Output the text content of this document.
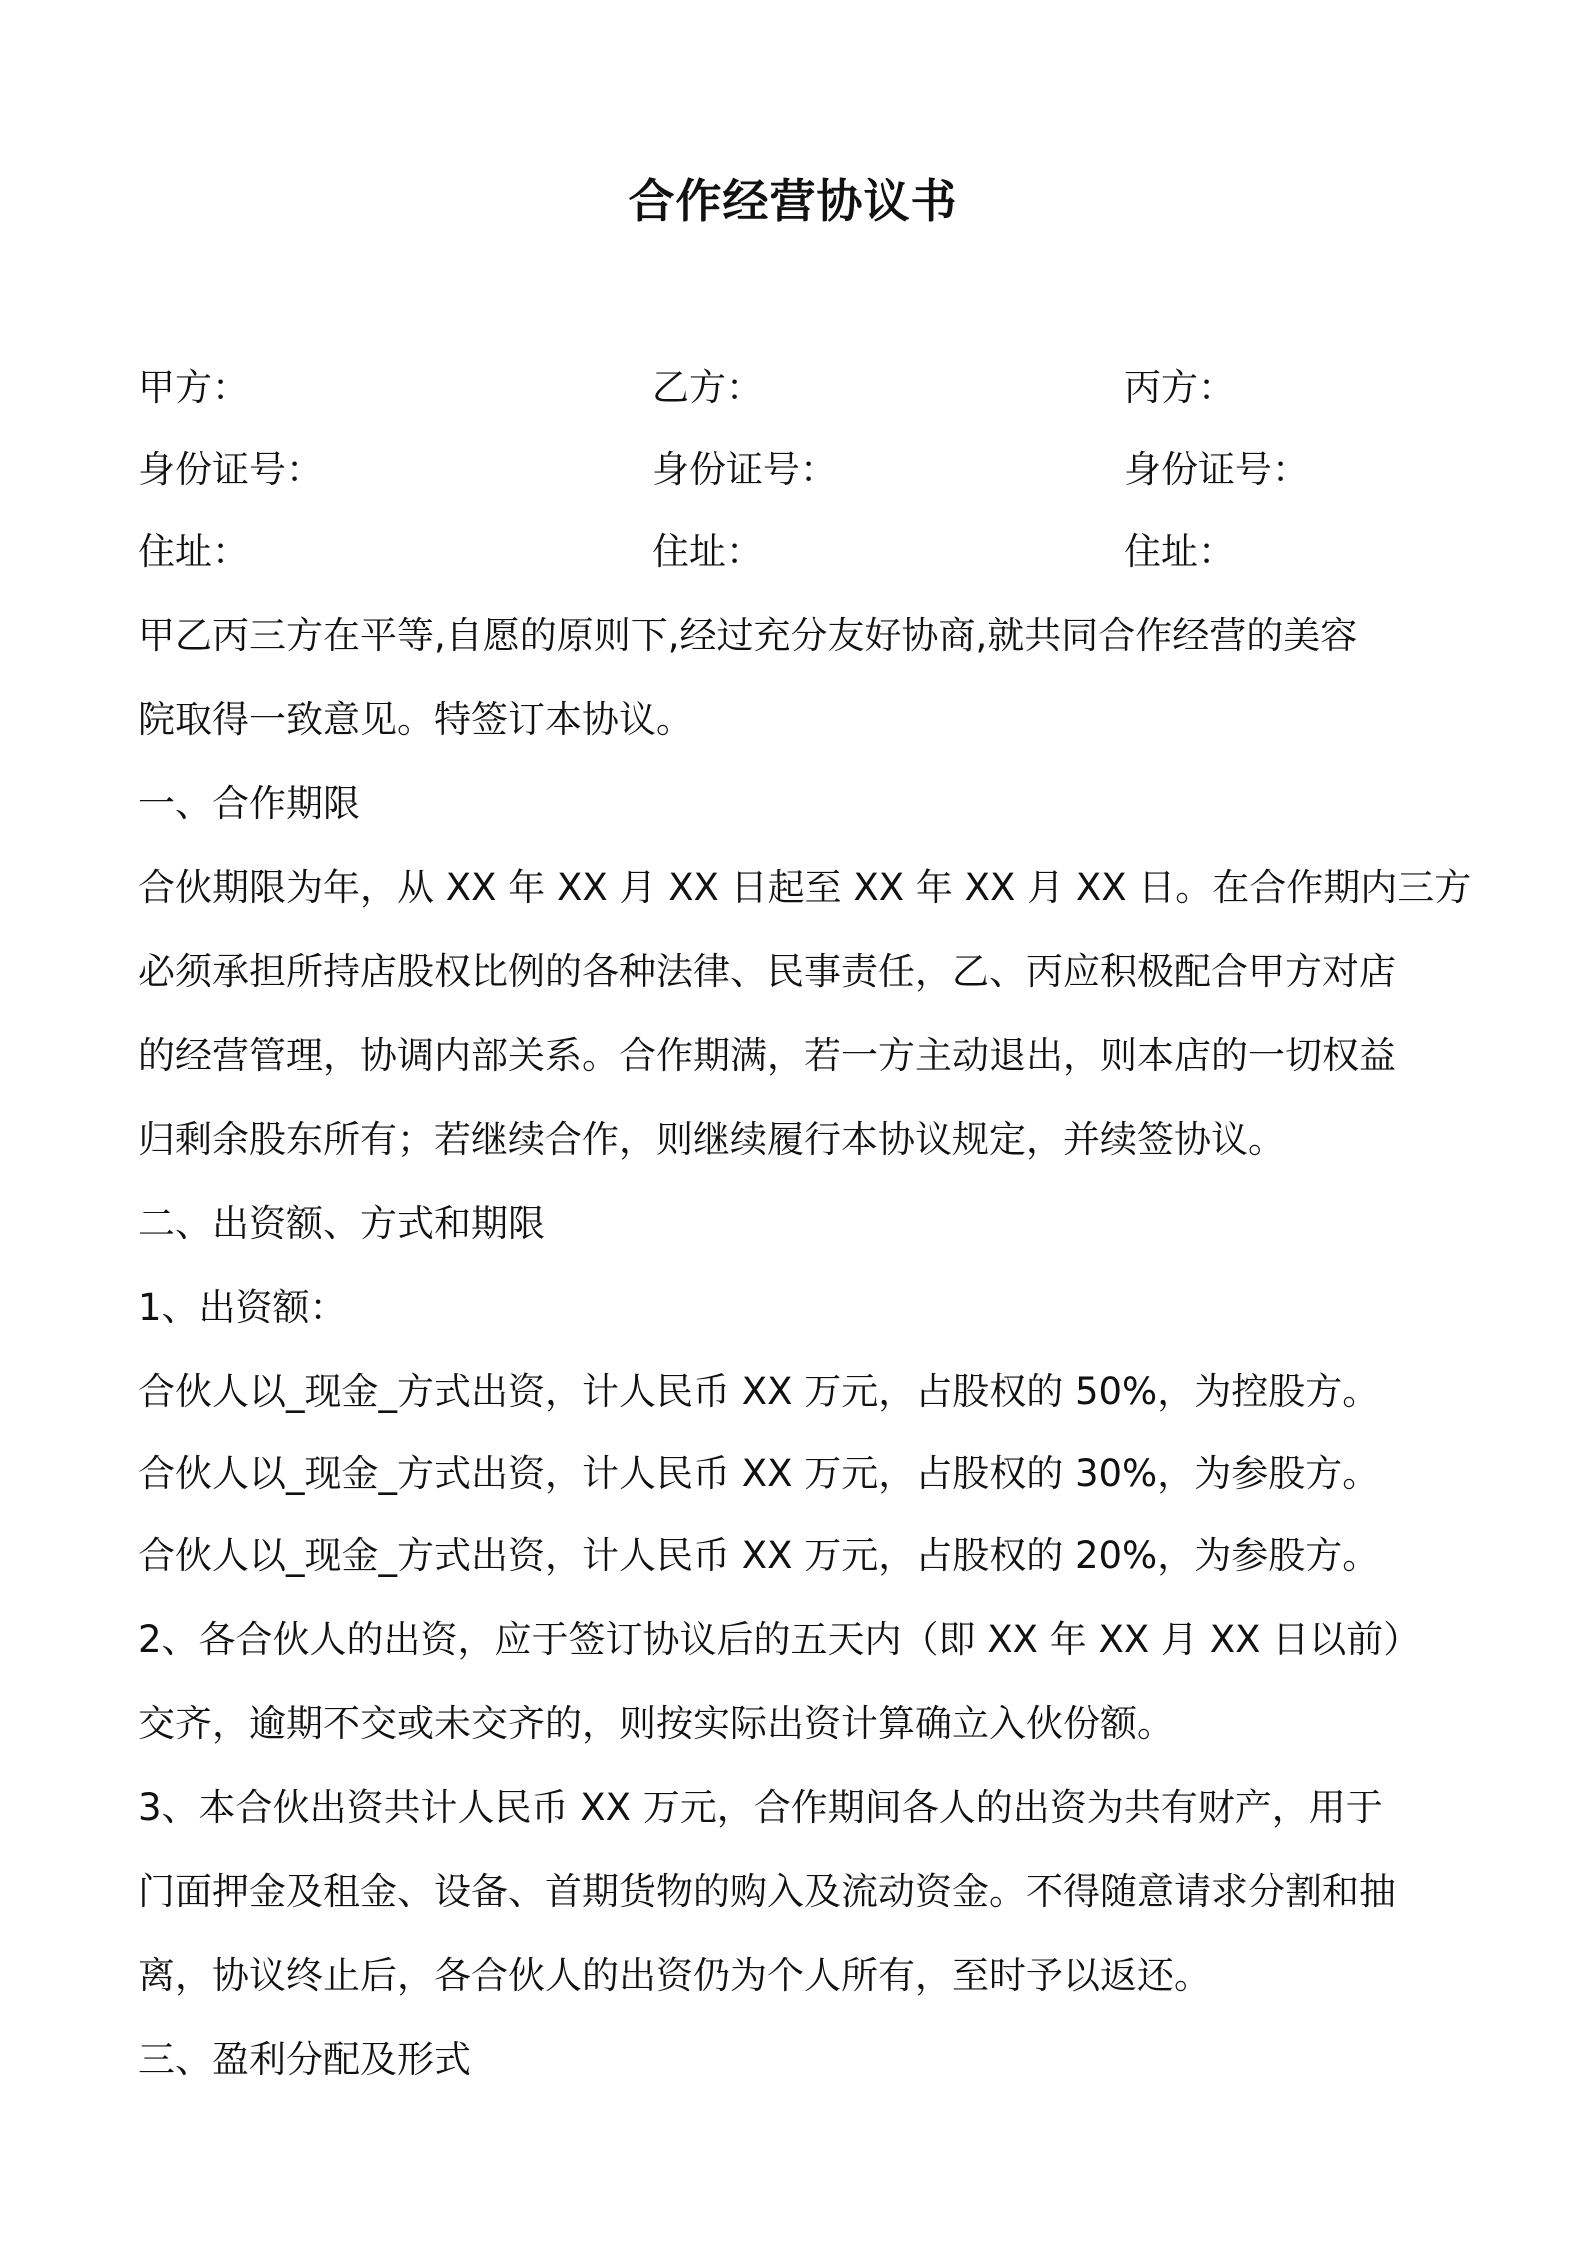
合作经营协议书
甲方：	乙方：	丙方：
身份证号：	身份证号：	身份证号：
住址：	住址：	住址：
甲乙丙三方在平等,自愿的原则下,经过充分友好协商,就共同合作经营的美容
院取得一致意见。特签订本协议。
一、合作期限
合伙期限为年，从 XX 年 XX 月 XX 日起至 XX 年 XX 月 XX 日。在合作期内三方
必须承担所持店股权比例的各种法律、民事责任，乙、丙应积极配合甲方对店
的经营管理，协调内部关系。合作期满，若一方主动退出，则本店的一切权益
归剩余股东所有；若继续合作，则继续履行本协议规定，并续签协议。
二、出资额、方式和期限
1、出资额：
合伙人以_现金_方式出资，计人民币 XX 万元，占股权的 50%，为控股方。
合伙人以_现金_方式出资，计人民币 XX 万元，占股权的 30%，为参股方。
合伙人以_现金_方式出资，计人民币 XX 万元，占股权的 20%，为参股方。
2、各合伙人的出资，应于签订协议后的五天内（即 XX 年 XX 月 XX 日以前）
交齐，逾期不交或未交齐的，则按实际出资计算确立入伙份额。
3、本合伙出资共计人民币 XX 万元，合作期间各人的出资为共有财产，用于
门面押金及租金、设备、首期货物的购入及流动资金。不得随意请求分割和抽
离，协议终止后，各合伙人的出资仍为个人所有，至时予以返还。
三、盈利分配及形式
